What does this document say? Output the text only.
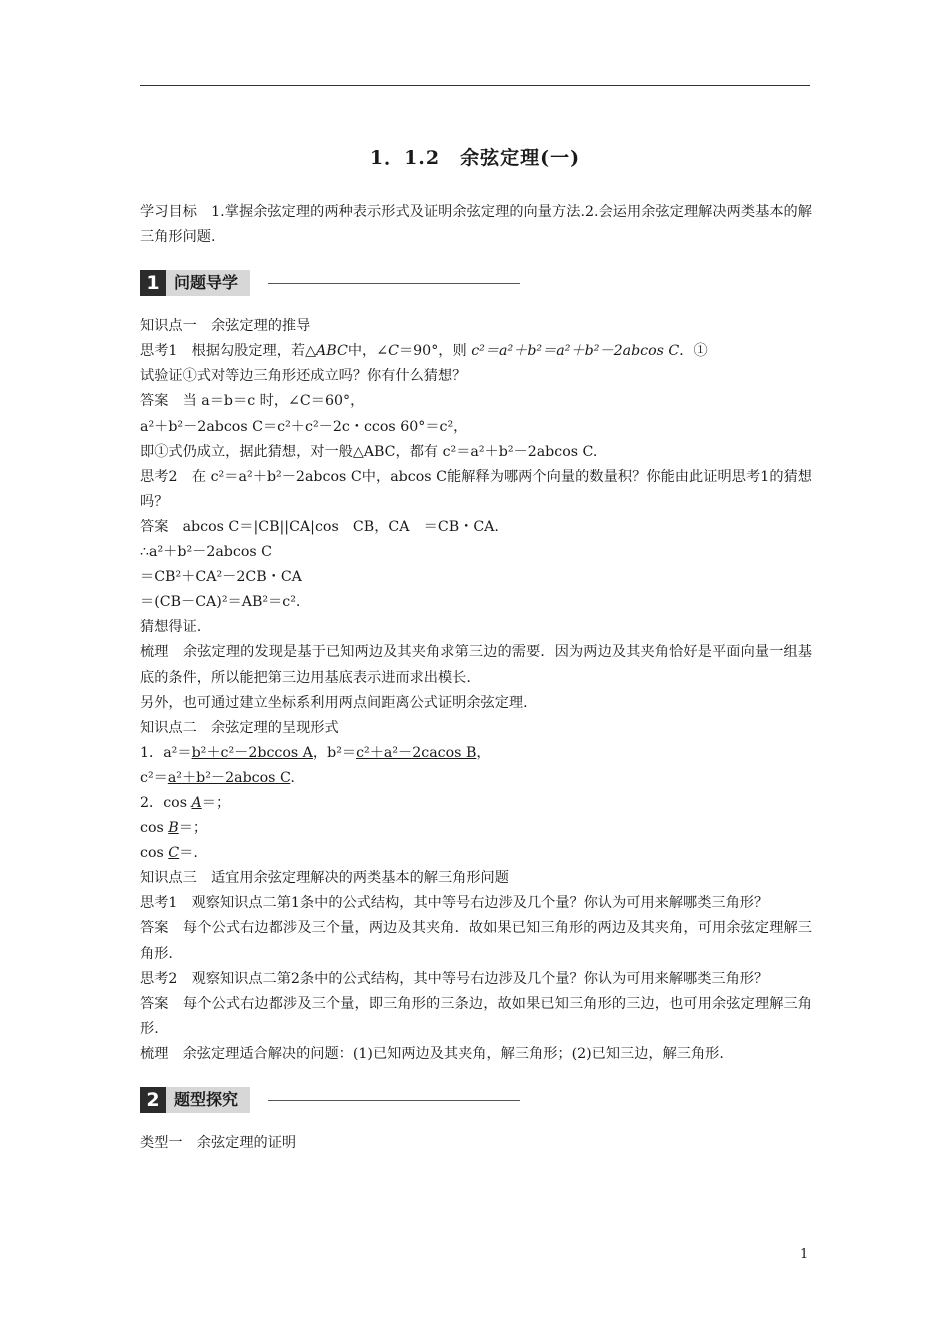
1．1.2　余弦定理(一)

学习目标　 1.掌握余弦定理的两种表示形式及证明余弦定理的向量方法.2.会运用余弦定理解决两类基本的解三角形问题.

1 问题导学

知识点一　余弦定理的推导

思考1　 根据勾股定理，若△ABC中，∠C＝90°，则 c²＝a²＋b²＝a²＋b²－2abcos C．①

试验证①式对等边三角形还成立吗？你有什么猜想？

答案　 当 a＝b＝c 时，∠C＝60°，

a²＋b²－2abcos C＝c²＋c²－2c・ccos 60°＝c²，

即①式仍成立，据此猜想，对一般△ABC，都有 c²＝a²＋b²－2abcos C.

思考2　 在 c²＝a²＋b²－2abcos C中，abcos C能解释为哪两个向量的数量积？你能由此证明思考1的猜想吗？

答案　 abcos C＝|CB||CA|cos　CB，CA　＝CB・CA.

∴a²＋b²－2abcos C

＝CB²＋CA²－2CB・CA

＝(CB－CA)²＝AB²＝c².

猜想得证.

梳理　 余弦定理的发现是基于已知两边及其夹角求第三边的需要．因为两边及其夹角恰好是平面向量一组基底的条件，所以能把第三边用基底表示进而求出模长.

另外，也可通过建立坐标系利用两点间距离公式证明余弦定理.

知识点二　余弦定理的呈现形式

1．a²＝b²＋c²－2bccos A，b²＝c²＋a²－2cacos B，

c²＝a²＋b²－2abcos C.

2．cos A＝；

cos B＝；

cos C＝.

知识点三　适宜用余弦定理解决的两类基本的解三角形问题

思考1　 观察知识点二第1条中的公式结构，其中等号右边涉及几个量？你认为可用来解哪类三角形？

答案　 每个公式右边都涉及三个量，两边及其夹角．故如果已知三角形的两边及其夹角，可用余弦定理解三角形.

思考2　 观察知识点二第2条中的公式结构，其中等号右边涉及几个量？你认为可用来解哪类三角形？

答案　 每个公式右边都涉及三个量，即三角形的三条边，故如果已知三角形的三边，也可用余弦定理解三角形.

梳理　 余弦定理适合解决的问题：(1)已知两边及其夹角，解三角形；(2)已知三边，解三角形.

2 题型探究

类型一　余弦定理的证明

1
